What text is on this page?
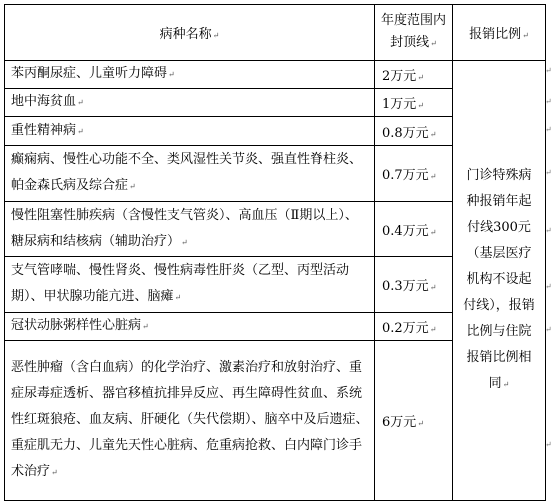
病种名称↵	年度范围内封顶线↵	报销比例↵
苯丙酮尿症、儿童听力障碍↵	2万元↵	门诊特殊病种报销年起付线300元（基层医疗机构不设起付线），报销比例与住院报销比例相同↵
地中海贫血↵	1万元↵	
重性精神病↵	0.8万元↵	
癫痫病、慢性心功能不全、类风湿性关节炎、强直性脊柱炎、帕金森氏病及综合症↵	0.7万元↵	
慢性阻塞性肺疾病（含慢性支气管炎）、高血压（Ⅱ期以上）、糖尿病和结核病（辅助治疗）↵	0.4万元↵	
支气管哮喘、慢性肾炎、慢性病毒性肝炎（乙型、丙型活动期）、甲状腺功能亢进、脑瘫↵	0.3万元↵	
冠状动脉粥样性心脏病↵	0.2万元↵	
恶性肿瘤（含白血病）的化学治疗、激素治疗和放射治疗、重症尿毒症透析、器官移植抗排异反应、再生障碍性贫血、系统性红斑狼疮、血友病、肝硬化（失代偿期）、脑卒中及后遗症、重症肌无力、儿童先天性心脏病、危重病抢救、白内障门诊手术治疗↵	6万元↵	
↵
↵
↵
↵
↵
↵
↵
↵
